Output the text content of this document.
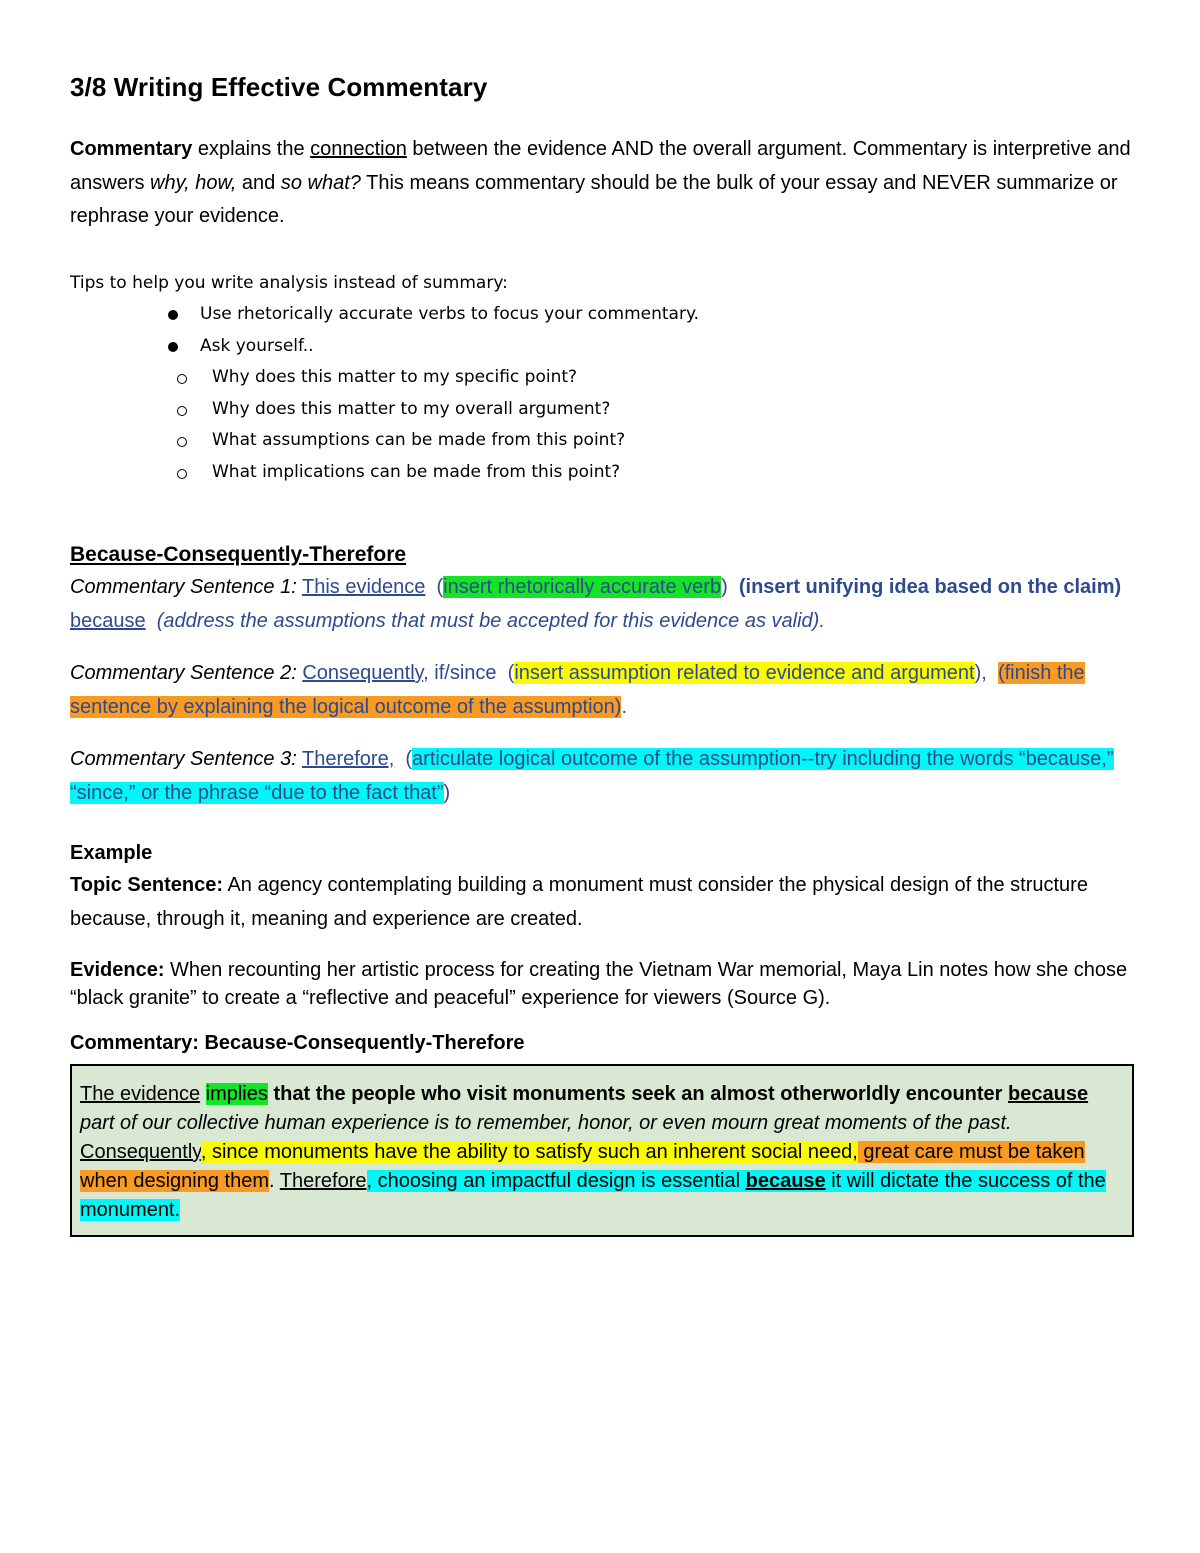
3/8 Writing Effective Commentary

Commentary explains the connection between the evidence AND the overall argument. Commentary is interpretive and answers why, how, and so what? This means commentary should be the bulk of your essay and NEVER summarize or rephrase your evidence.

Tips to help you write analysis instead of summary:

Use rhetorically accurate verbs to focus your commentary.
Ask yourself..
Why does this matter to my specific point?
Why does this matter to my overall argument?
What assumptions can be made from this point?
What implications can be made from this point?

Because-Consequently-Therefore

Commentary Sentence 1: This evidence (insert rhetorically accurate verb) (insert unifying idea based on the claim)  because (address the assumptions that must be accepted for this evidence as valid).

Commentary Sentence 2: Consequently, if/since (insert assumption related to evidence and argument), (finish the sentence by explaining the logical outcome of the assumption).

Commentary Sentence 3: Therefore, (articulate logical outcome of the assumption--try including the words “because,” “since,” or the phrase “due to the fact that”)

Example

Topic Sentence: An agency contemplating building a monument must consider the physical design of the structure because, through it, meaning and experience are created.

Evidence: When recounting her artistic process for creating the Vietnam War memorial, Maya Lin notes how she chose “black granite” to create a “reflective and peaceful” experience for viewers (Source G).

Commentary: Because-Consequently-Therefore

The evidence implies that the people who visit monuments seek an almost otherworldly encounter because part of our collective human experience is to remember, honor, or even mourn great moments of the past. Consequently, since monuments have the ability to satisfy such an inherent social need, great care must be taken when designing them. Therefore, choosing an impactful design is essential because it will dictate the success of the monument.
